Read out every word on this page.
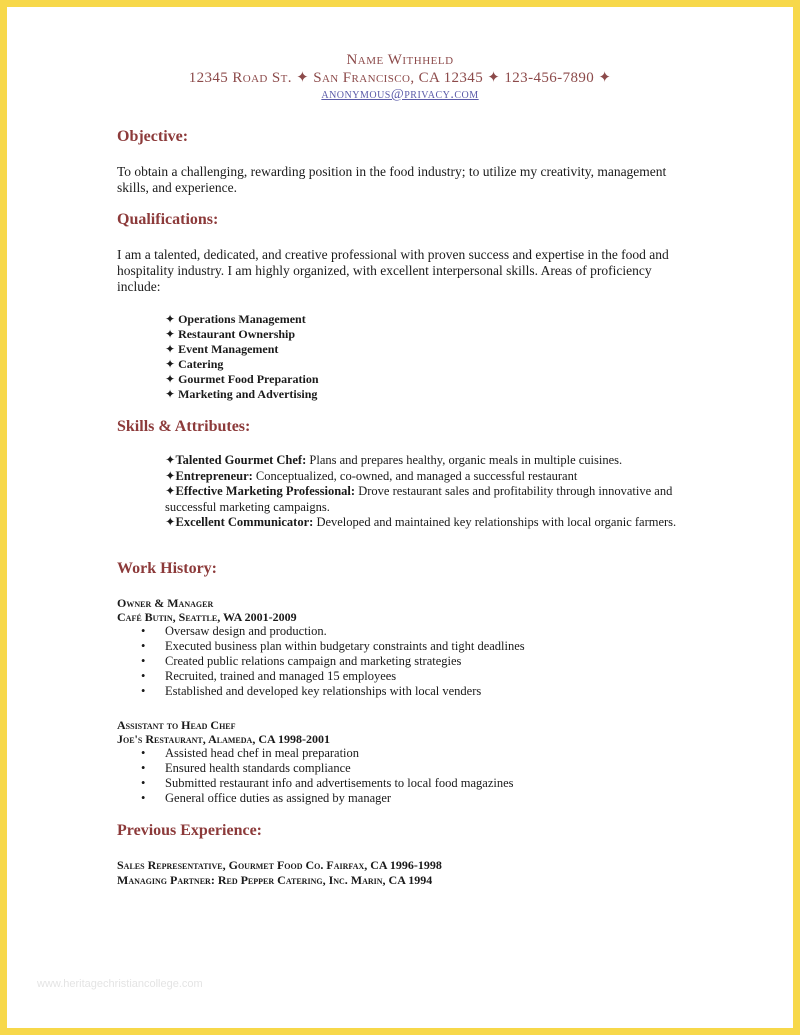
Name Withheld
12345 Road St. ✦ San Francisco, CA 12345 ✦ 123-456-7890 ✦
anonymous@privacy.com
Objective:
To obtain a challenging, rewarding position in the food industry; to utilize my creativity, management skills, and experience.
Qualifications:
I am a talented, dedicated, and creative professional with proven success and expertise in the food and hospitality industry. I am highly organized, with excellent interpersonal skills. Areas of proficiency include:
✦ Operations Management
✦ Restaurant Ownership
✦ Event Management
✦ Catering
✦ Gourmet Food Preparation
✦ Marketing and Advertising
Skills & Attributes:
✦ Talented Gourmet Chef: Plans and prepares healthy, organic meals in multiple cuisines.
✦ Entrepreneur: Conceptualized, co-owned, and managed a successful restaurant
✦ Effective Marketing Professional: Drove restaurant sales and profitability through innovative and successful marketing campaigns.
✦ Excellent Communicator: Developed and maintained key relationships with local organic farmers.
Work History:
Owner & Manager
Café Butin, Seattle, WA 2001-2009
• Oversaw design and production.
• Executed business plan within budgetary constraints and tight deadlines
• Created public relations campaign and marketing strategies
• Recruited, trained and managed 15 employees
• Established and developed key relationships with local venders
Assistant to Head Chef
Joe's Restaurant, Alameda, CA 1998-2001
• Assisted head chef in meal preparation
• Ensured health standards compliance
• Submitted restaurant info and advertisements to local food magazines
• General office duties as assigned by manager
Previous Experience:
Sales Representative, Gourmet Food Co. Fairfax, CA 1996-1998
Managing Partner: Red Pepper Catering, Inc. Marin, CA 1994
www.heritagechristiancollege.com
